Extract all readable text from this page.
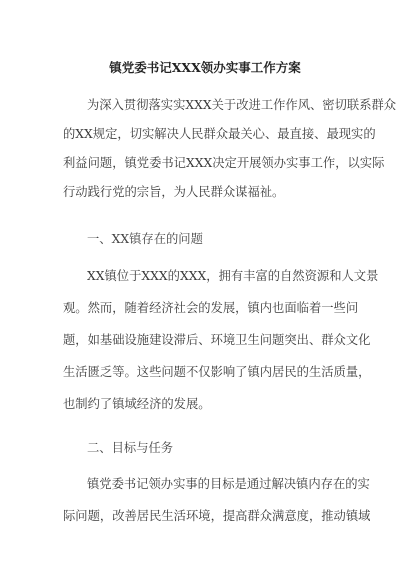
镇党委书记XXX领办实事工作方案
为深入贯彻落实实XXX关于改进工作作风、密切联系群众
的XX规定，切实解决人民群众最关心、最直接、最现实的
利益问题，镇党委书记XXX决定开展领办实事工作，以实际
行动践行党的宗旨，为人民群众谋福祉。
一、XX镇存在的问题
XX镇位于XXX的XXX，拥有丰富的自然资源和人文景
观。然而，随着经济社会的发展，镇内也面临着一些问
题，如基础设施建设滞后、环境卫生问题突出、群众文化
生活匮乏等。这些问题不仅影响了镇内居民的生活质量，
也制约了镇域经济的发展。
二、目标与任务
镇党委书记领办实事的目标是通过解决镇内存在的实
际问题，改善居民生活环境，提高群众满意度，推动镇域
